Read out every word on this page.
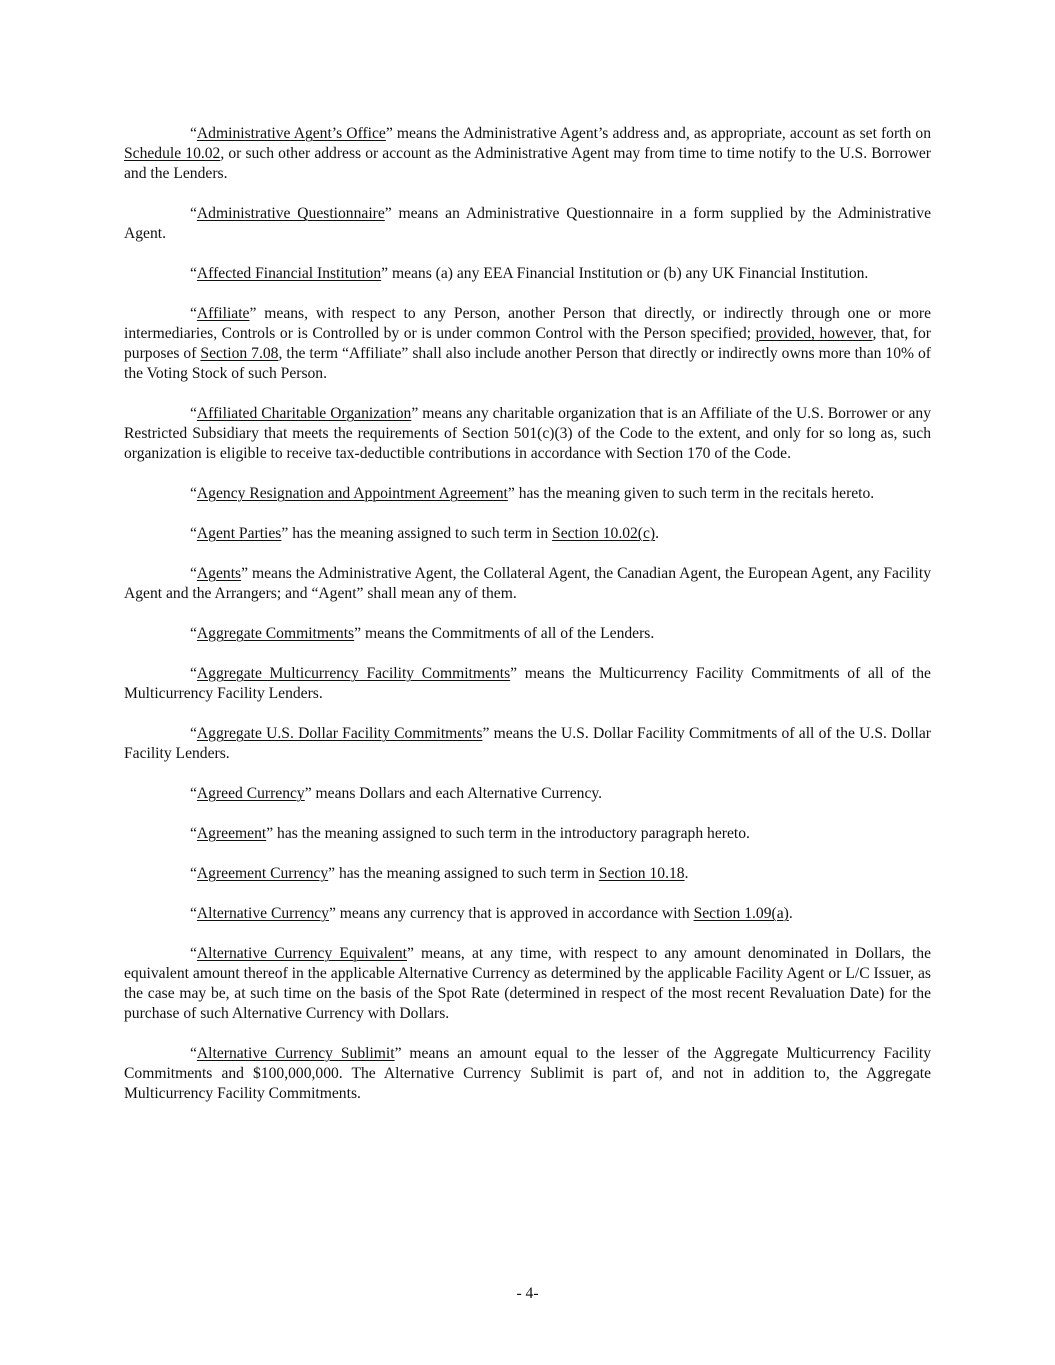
“Administrative Agent’s Office” means the Administrative Agent’s address and, as appropriate, account as set forth on Schedule 10.02, or such other address or account as the Administrative Agent may from time to time notify to the U.S. Borrower and the Lenders.

“Administrative Questionnaire” means an Administrative Questionnaire in a form supplied by the Administrative Agent.

“Affected Financial Institution” means (a) any EEA Financial Institution or (b) any UK Financial Institution.

“Affiliate” means, with respect to any Person, another Person that directly, or indirectly through one or more intermediaries, Controls or is Controlled by or is under common Control with the Person specified; provided, however, that, for purposes of Section 7.08, the term “Affiliate” shall also include another Person that directly or indirectly owns more than 10% of the Voting Stock of such Person.

“Affiliated Charitable Organization” means any charitable organization that is an Affiliate of the U.S. Borrower or any Restricted Subsidiary that meets the requirements of Section 501(c)(3) of the Code to the extent, and only for so long as, such organization is eligible to receive tax-deductible contributions in accordance with Section 170 of the Code.

“Agency Resignation and Appointment Agreement” has the meaning given to such term in the recitals hereto.

“Agent Parties” has the meaning assigned to such term in Section 10.02(c).

“Agents” means the Administrative Agent, the Collateral Agent, the Canadian Agent, the European Agent, any Facility Agent and the Arrangers; and “Agent” shall mean any of them.

“Aggregate Commitments” means the Commitments of all of the Lenders.

“Aggregate Multicurrency Facility Commitments” means the Multicurrency Facility Commitments of all of the Multicurrency Facility Lenders.

“Aggregate U.S. Dollar Facility Commitments” means the U.S. Dollar Facility Commitments of all of the U.S. Dollar Facility Lenders.

“Agreed Currency” means Dollars and each Alternative Currency.

“Agreement” has the meaning assigned to such term in the introductory paragraph hereto.

“Agreement Currency” has the meaning assigned to such term in Section 10.18.

“Alternative Currency” means any currency that is approved in accordance with Section 1.09(a).

“Alternative Currency Equivalent” means, at any time, with respect to any amount denominated in Dollars, the equivalent amount thereof in the applicable Alternative Currency as determined by the applicable Facility Agent or L/C Issuer, as the case may be, at such time on the basis of the Spot Rate (determined in respect of the most recent Revaluation Date) for the purchase of such Alternative Currency with Dollars.

“Alternative Currency Sublimit” means an amount equal to the lesser of the Aggregate Multicurrency Facility Commitments and $100,000,000. The Alternative Currency Sublimit is part of, and not in addition to, the Aggregate Multicurrency Facility Commitments.

- 4-
